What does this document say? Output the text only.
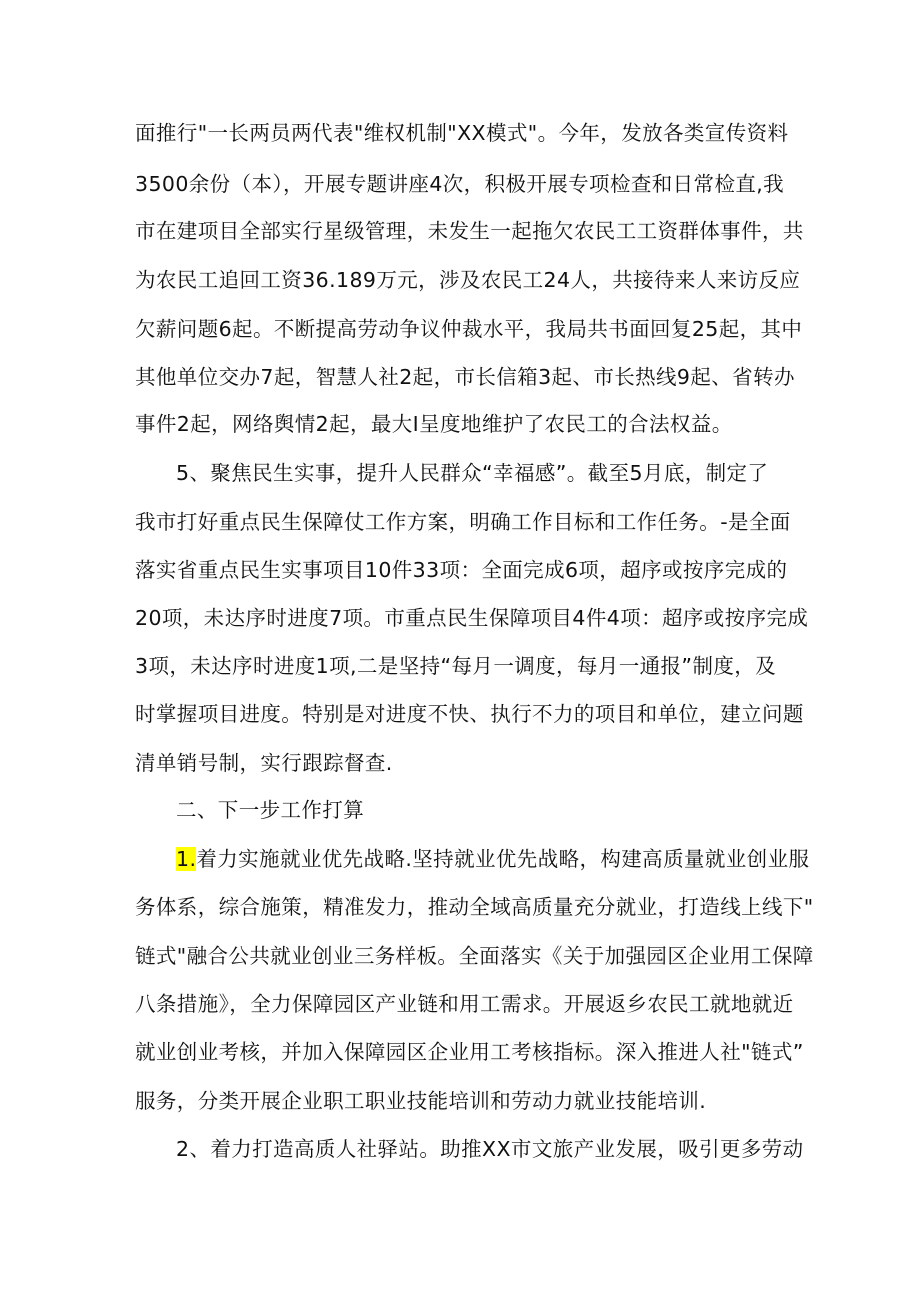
面推行"一长两员两代表"维权机制"XX模式"。今年，发放各类宣传资料
3500余份（本），开展专题讲座4次，积极开展专项检查和日常检直,我
市在建项目全部实行星级管理，未发生一起拖欠农民工工资群体事件，共
为农民工追回工资36.189万元，涉及农民工24人，共接待来人来访反应
欠薪问题6起。不断提高劳动争议仲裁水平，我局共书面回复25起，其中
其他单位交办7起，智慧人社2起，市长信箱3起、市长热线9起、省转办
事件2起，网络舆情2起，最大I呈度地维护了农民工的合法权益。
5、聚焦民生实事，提升人民群众“幸福感”。截至5月底，制定了
我市打好重点民生保障仗工作方案，明确工作目标和工作任务。-是全面
落实省重点民生实事项目10件33项：全面完成6项，超序或按序完成的
20项，未达序时进度7项。市重点民生保障项目4件4项：超序或按序完成
3项，未达序时进度1项,二是坚持“每月一调度，每月一通报”制度，及
时掌握项目进度。特别是对进度不快、执行不力的项目和单位，建立问题
清单销号制，实行跟踪督查.
二、下一步工作打算
1.着力实施就业优先战略.坚持就业优先战略，构建高质量就业创业服
务体系，综合施策，精准发力，推动全域高质量充分就业，打造线上线下"
链式"融合公共就业创业三务样板。全面落实《关于加强园区企业用工保障
八条措施》，全力保障园区产业链和用工需求。开展返乡农民工就地就近
就业创业考核，并加入保障园区企业用工考核指标。深入推进人社"链式”
服务，分类开展企业职工职业技能培训和劳动力就业技能培训.
2、着力打造高质人社驿站。助推XX市文旅产业发展，吸引更多劳动
